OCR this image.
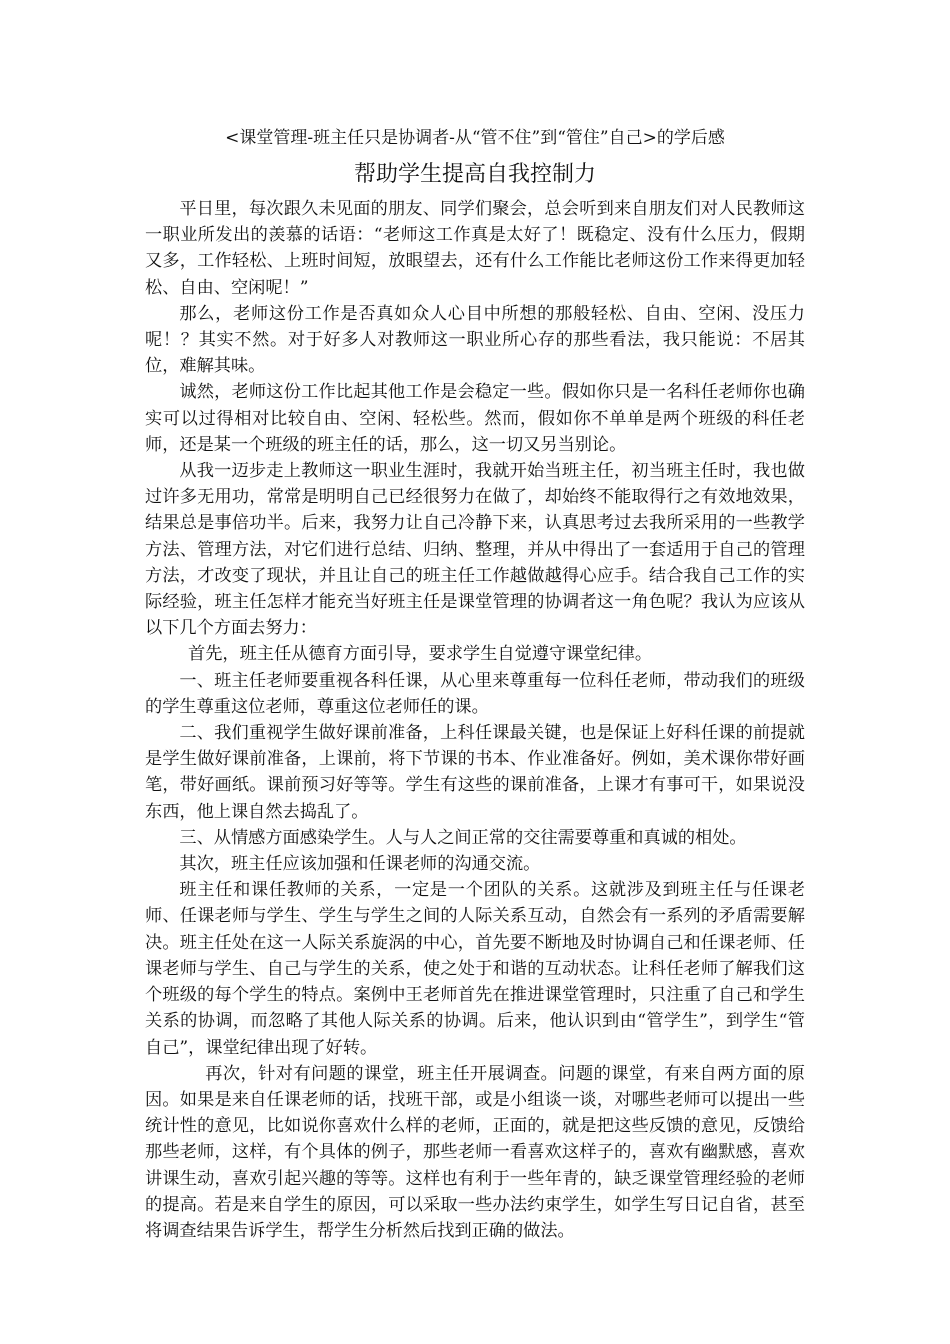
<课堂管理-班主任只是协调者-从“管不住”到“管住”自己>的学后感
帮助学生提高自我控制力

平日里，每次跟久未见面的朋友、同学们聚会，总会听到来自朋友们对人民教师这一职业所发出的羡慕的话语：“老师这工作真是太好了！既稳定、没有什么压力，假期又多，工作轻松、上班时间短，放眼望去，还有什么工作能比老师这份工作来得更加轻松、自由、空闲呢！”

那么，老师这份工作是否真如众人心目中所想的那般轻松、自由、空闲、没压力呢！？其实不然。对于好多人对教师这一职业所心存的那些看法，我只能说：不居其位，难解其味。

诚然，老师这份工作比起其他工作是会稳定一些。假如你只是一名科任老师你也确实可以过得相对比较自由、空闲、轻松些。然而，假如你不单单是两个班级的科任老师，还是某一个班级的班主任的话，那么，这一切又另当别论。

从我一迈步走上教师这一职业生涯时，我就开始当班主任，初当班主任时，我也做过许多无用功，常常是明明自己已经很努力在做了，却始终不能取得行之有效地效果，结果总是事倍功半。后来，我努力让自己冷静下来，认真思考过去我所采用的一些教学方法、管理方法，对它们进行总结、归纳、整理，并从中得出了一套适用于自己的管理方法，才改变了现状，并且让自己的班主任工作越做越得心应手。结合我自己工作的实际经验，班主任怎样才能充当好班主任是课堂管理的协调者这一角色呢？我认为应该从以下几个方面去努力：

首先，班主任从德育方面引导，要求学生自觉遵守课堂纪律。

一、班主任老师要重视各科任课，从心里来尊重每一位科任老师，带动我们的班级的学生尊重这位老师，尊重这位老师任的课。

二、我们重视学生做好课前准备，上科任课最关键，也是保证上好科任课的前提就是学生做好课前准备，上课前，将下节课的书本、作业准备好。例如，美术课你带好画笔，带好画纸。课前预习好等等。学生有这些的课前准备，上课才有事可干，如果说没东西，他上课自然去捣乱了。

三、从情感方面感染学生。人与人之间正常的交往需要尊重和真诚的相处。

其次，班主任应该加强和任课老师的沟通交流。

班主任和课任教师的关系，一定是一个团队的关系。这就涉及到班主任与任课老师、任课老师与学生、学生与学生之间的人际关系互动，自然会有一系列的矛盾需要解决。班主任处在这一人际关系旋涡的中心，首先要不断地及时协调自己和任课老师、任课老师与学生、自己与学生的关系，使之处于和谐的互动状态。让科任老师了解我们这个班级的每个学生的特点。案例中王老师首先在推进课堂管理时，只注重了自己和学生关系的协调，而忽略了其他人际关系的协调。后来，他认识到由“管学生”，到学生“管自己”，课堂纪律出现了好转。

再次，针对有问题的课堂，班主任开展调查。问题的课堂，有来自两方面的原因。如果是来自任课老师的话，找班干部，或是小组谈一谈，对哪些老师可以提出一些统计性的意见，比如说你喜欢什么样的老师，正面的，就是把这些反馈的意见，反馈给那些老师，这样，有个具体的例子，那些老师一看喜欢这样子的，喜欢有幽默感，喜欢讲课生动，喜欢引起兴趣的等等。这样也有利于一些年青的，缺乏课堂管理经验的老师的提高。若是来自学生的原因，可以采取一些办法约束学生，如学生写日记自省，甚至将调查结果告诉学生，帮学生分析然后找到正确的做法。
